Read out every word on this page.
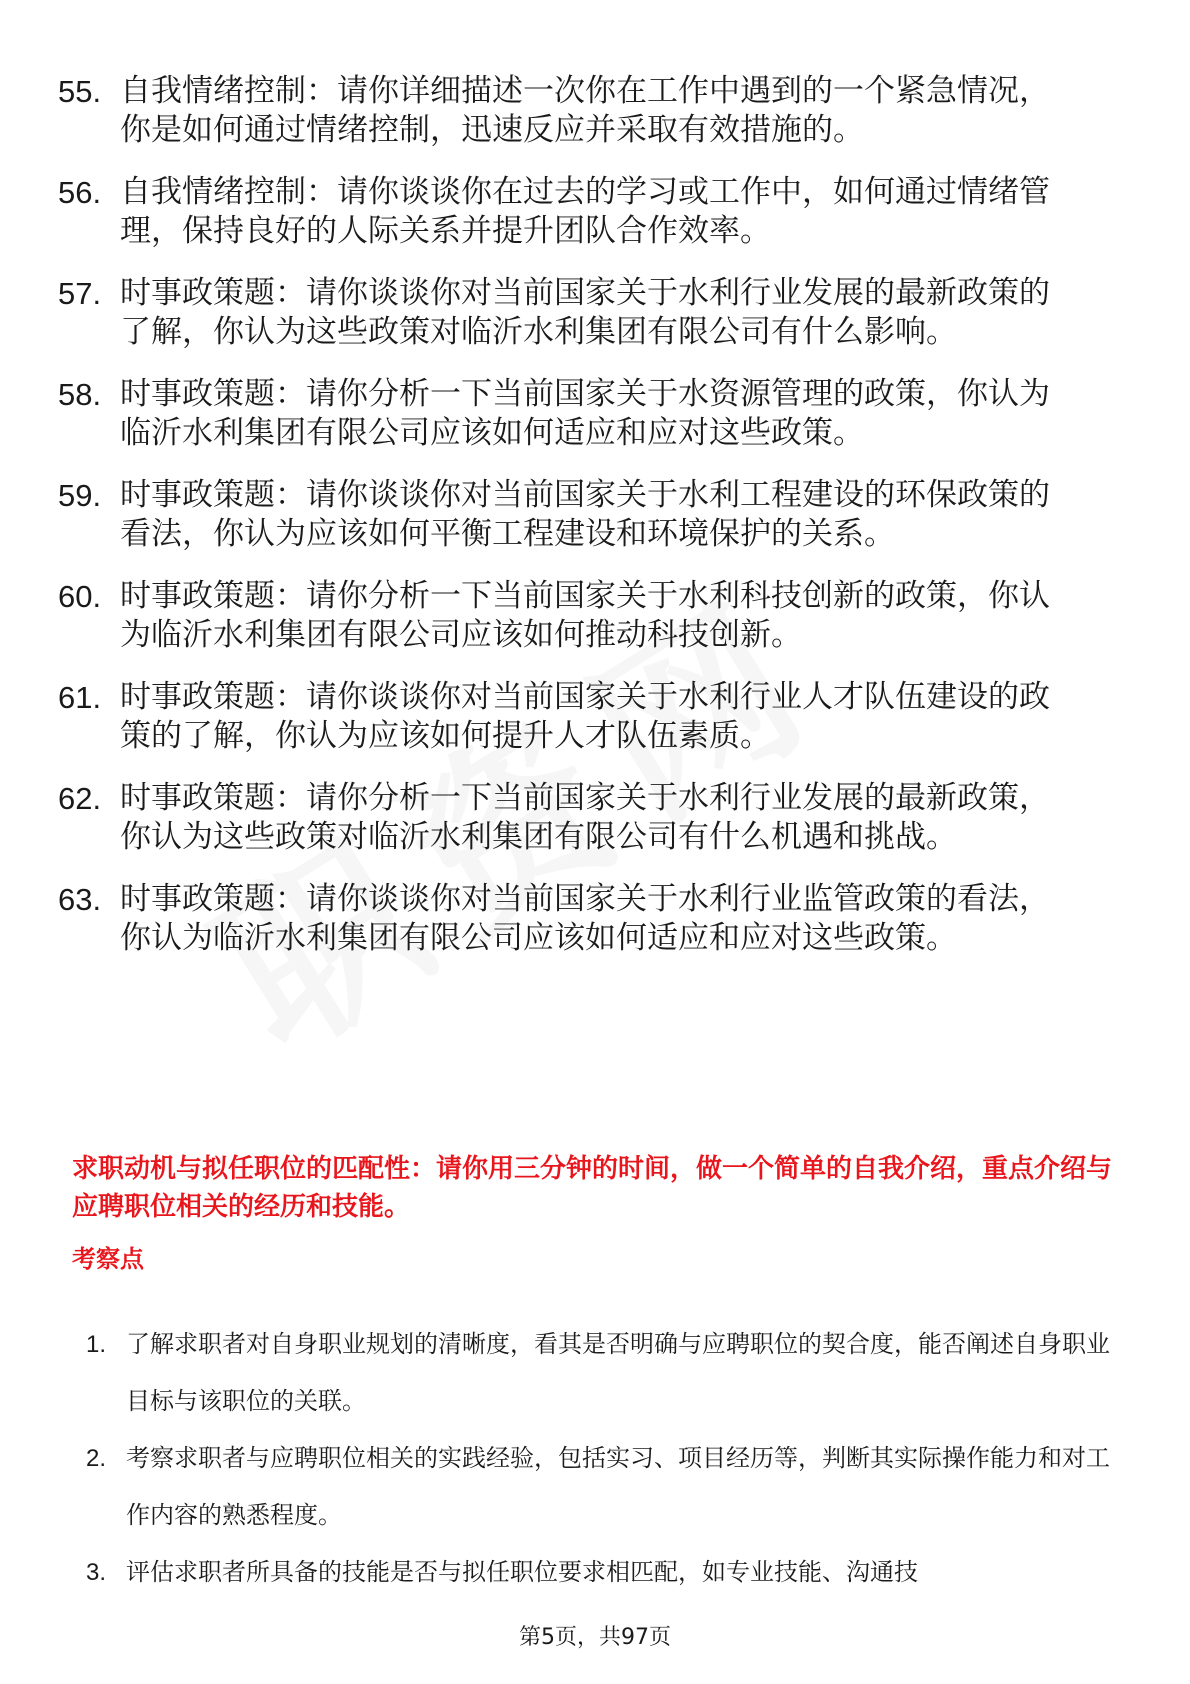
55. 自我情绪控制：请你详细描述一次你在工作中遇到的一个紧急情况，你是如何通过情绪控制，迅速反应并采取有效措施的。
56. 自我情绪控制：请你谈谈你在过去的学习或工作中，如何通过情绪管理，保持良好的人际关系并提升团队合作效率。
57. 时事政策题：请你谈谈你对当前国家关于水利行业发展的最新政策的了解，你认为这些政策对临沂水利集团有限公司有什么影响。
58. 时事政策题：请你分析一下当前国家关于水资源管理的政策，你认为临沂水利集团有限公司应该如何适应和应对这些政策。
59. 时事政策题：请你谈谈你对当前国家关于水利工程建设的环保政策的看法，你认为应该如何平衡工程建设和环境保护的关系。
60. 时事政策题：请你分析一下当前国家关于水利科技创新的政策，你认为临沂水利集团有限公司应该如何推动科技创新。
61. 时事政策题：请你谈谈你对当前国家关于水利行业人才队伍建设的政策的了解，你认为应该如何提升人才队伍素质。
62. 时事政策题：请你分析一下当前国家关于水利行业发展的最新政策，你认为这些政策对临沂水利集团有限公司有什么机遇和挑战。
63. 时事政策题：请你谈谈你对当前国家关于水利行业监管政策的看法，你认为临沂水利集团有限公司应该如何适应和应对这些政策。

求职动机与拟任职位的匹配性：请你用三分钟的时间，做一个简单的自我介绍，重点介绍与应聘职位相关的经历和技能。

考察点

1. 了解求职者对自身职业规划的清晰度，看其是否明确与应聘职位的契合度，能否阐述自身职业目标与该职位的关联。
2. 考察求职者与应聘职位相关的实践经验，包括实习、项目经历等，判断其实际操作能力和对工作内容的熟悉程度。
3. 评估求职者所具备的技能是否与拟任职位要求相匹配，如专业技能、沟通技
第5页，共97页
